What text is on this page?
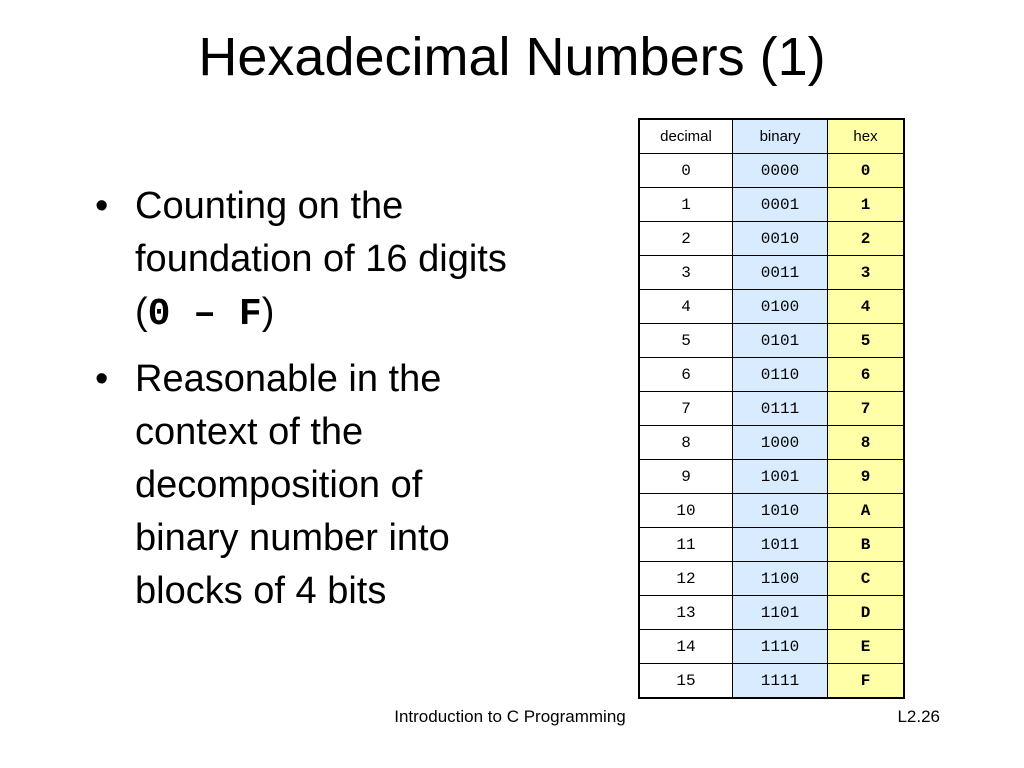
Hexadecimal Numbers (1)
• Counting on the foundation of 16 digits (0 – F)
• Reasonable in the context of the decomposition of binary number into blocks of 4 bits
decimal	binary	hex
0	0000	0
1	0001	1
2	0010	2
3	0011	3
4	0100	4
5	0101	5
6	0110	6
7	0111	7
8	1000	8
9	1001	9
10	1010	A
11	1011	B
12	1100	C
13	1101	D
14	1110	E
15	1111	F
Introduction to C Programming	L2.26
